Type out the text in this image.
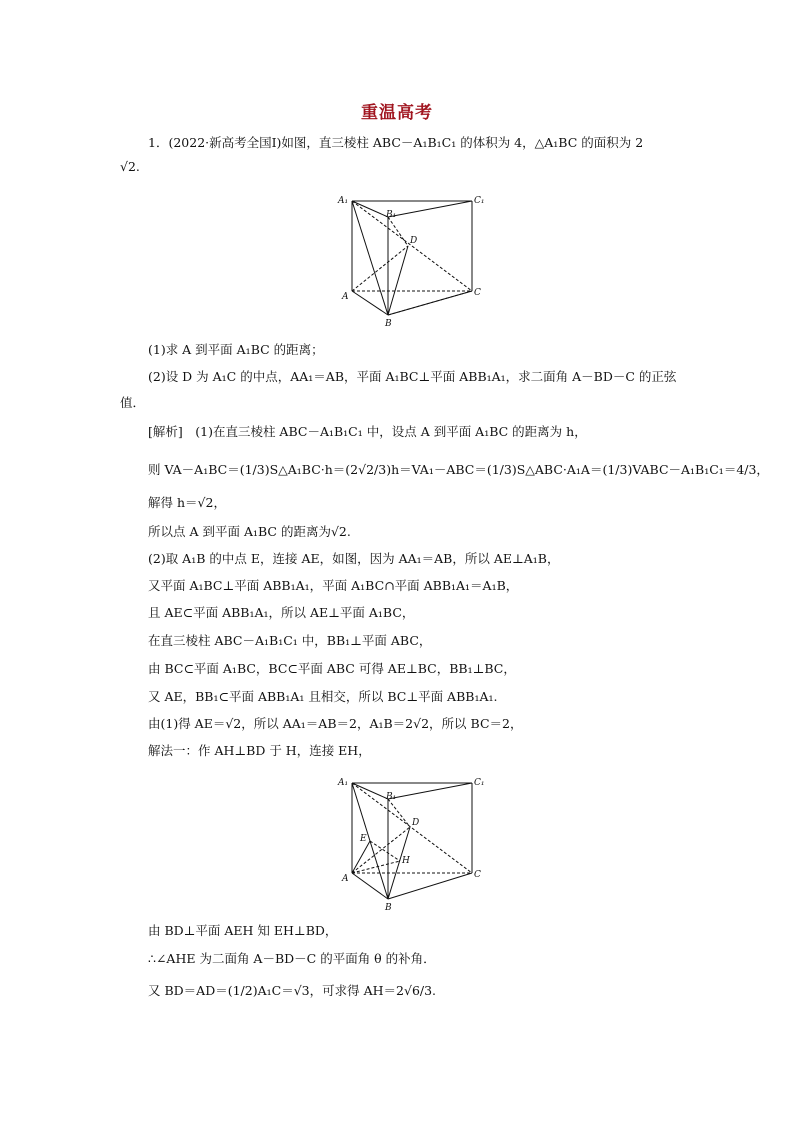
重温高考
1．(2022·新高考全国Ⅰ)如图，直三棱柱 ABC－A₁B₁C₁ 的体积为 4，△A₁BC 的面积为 2
√2.
A₁
B₁
C₁
D
A
B
C
(1)求 A 到平面 A₁BC 的距离；
(2)设 D 为 A₁C 的中点，AA₁＝AB，平面 A₁BC⊥平面 ABB₁A₁，求二面角 A－BD－C 的正弦
值．
[解析]　(1)在直三棱柱 ABC－A₁B₁C₁ 中，设点 A 到平面 A₁BC 的距离为 h，
则 VA－A₁BC＝(1/3)S△A₁BC·h＝(2√2/3)h＝VA₁－ABC＝(1/3)S△ABC·A₁A＝(1/3)VABC－A₁B₁C₁＝4/3，
解得 h＝√2，
所以点 A 到平面 A₁BC 的距离为√2.
(2)取 A₁B 的中点 E，连接 AE，如图，因为 AA₁＝AB，所以 AE⊥A₁B，
又平面 A₁BC⊥平面 ABB₁A₁，平面 A₁BC∩平面 ABB₁A₁＝A₁B，
且 AE⊂平面 ABB₁A₁，所以 AE⊥平面 A₁BC，
在直三棱柱 ABC－A₁B₁C₁ 中，BB₁⊥平面 ABC，
由 BC⊂平面 A₁BC，BC⊂平面 ABC 可得 AE⊥BC，BB₁⊥BC，
又 AE，BB₁⊂平面 ABB₁A₁ 且相交，所以 BC⊥平面 ABB₁A₁.
由(1)得 AE＝√2，所以 AA₁＝AB＝2，A₁B＝2√2，所以 BC＝2，
解法一：作 AH⊥BD 于 H，连接 EH，
A₁
B₁
C₁
D
E
H
A
B
C
由 BD⊥平面 AEH 知 EH⊥BD，
∴∠AHE 为二面角 A－BD－C 的平面角 θ 的补角．
又 BD＝AD＝(1/2)A₁C＝√3，可求得 AH＝2√6/3.
